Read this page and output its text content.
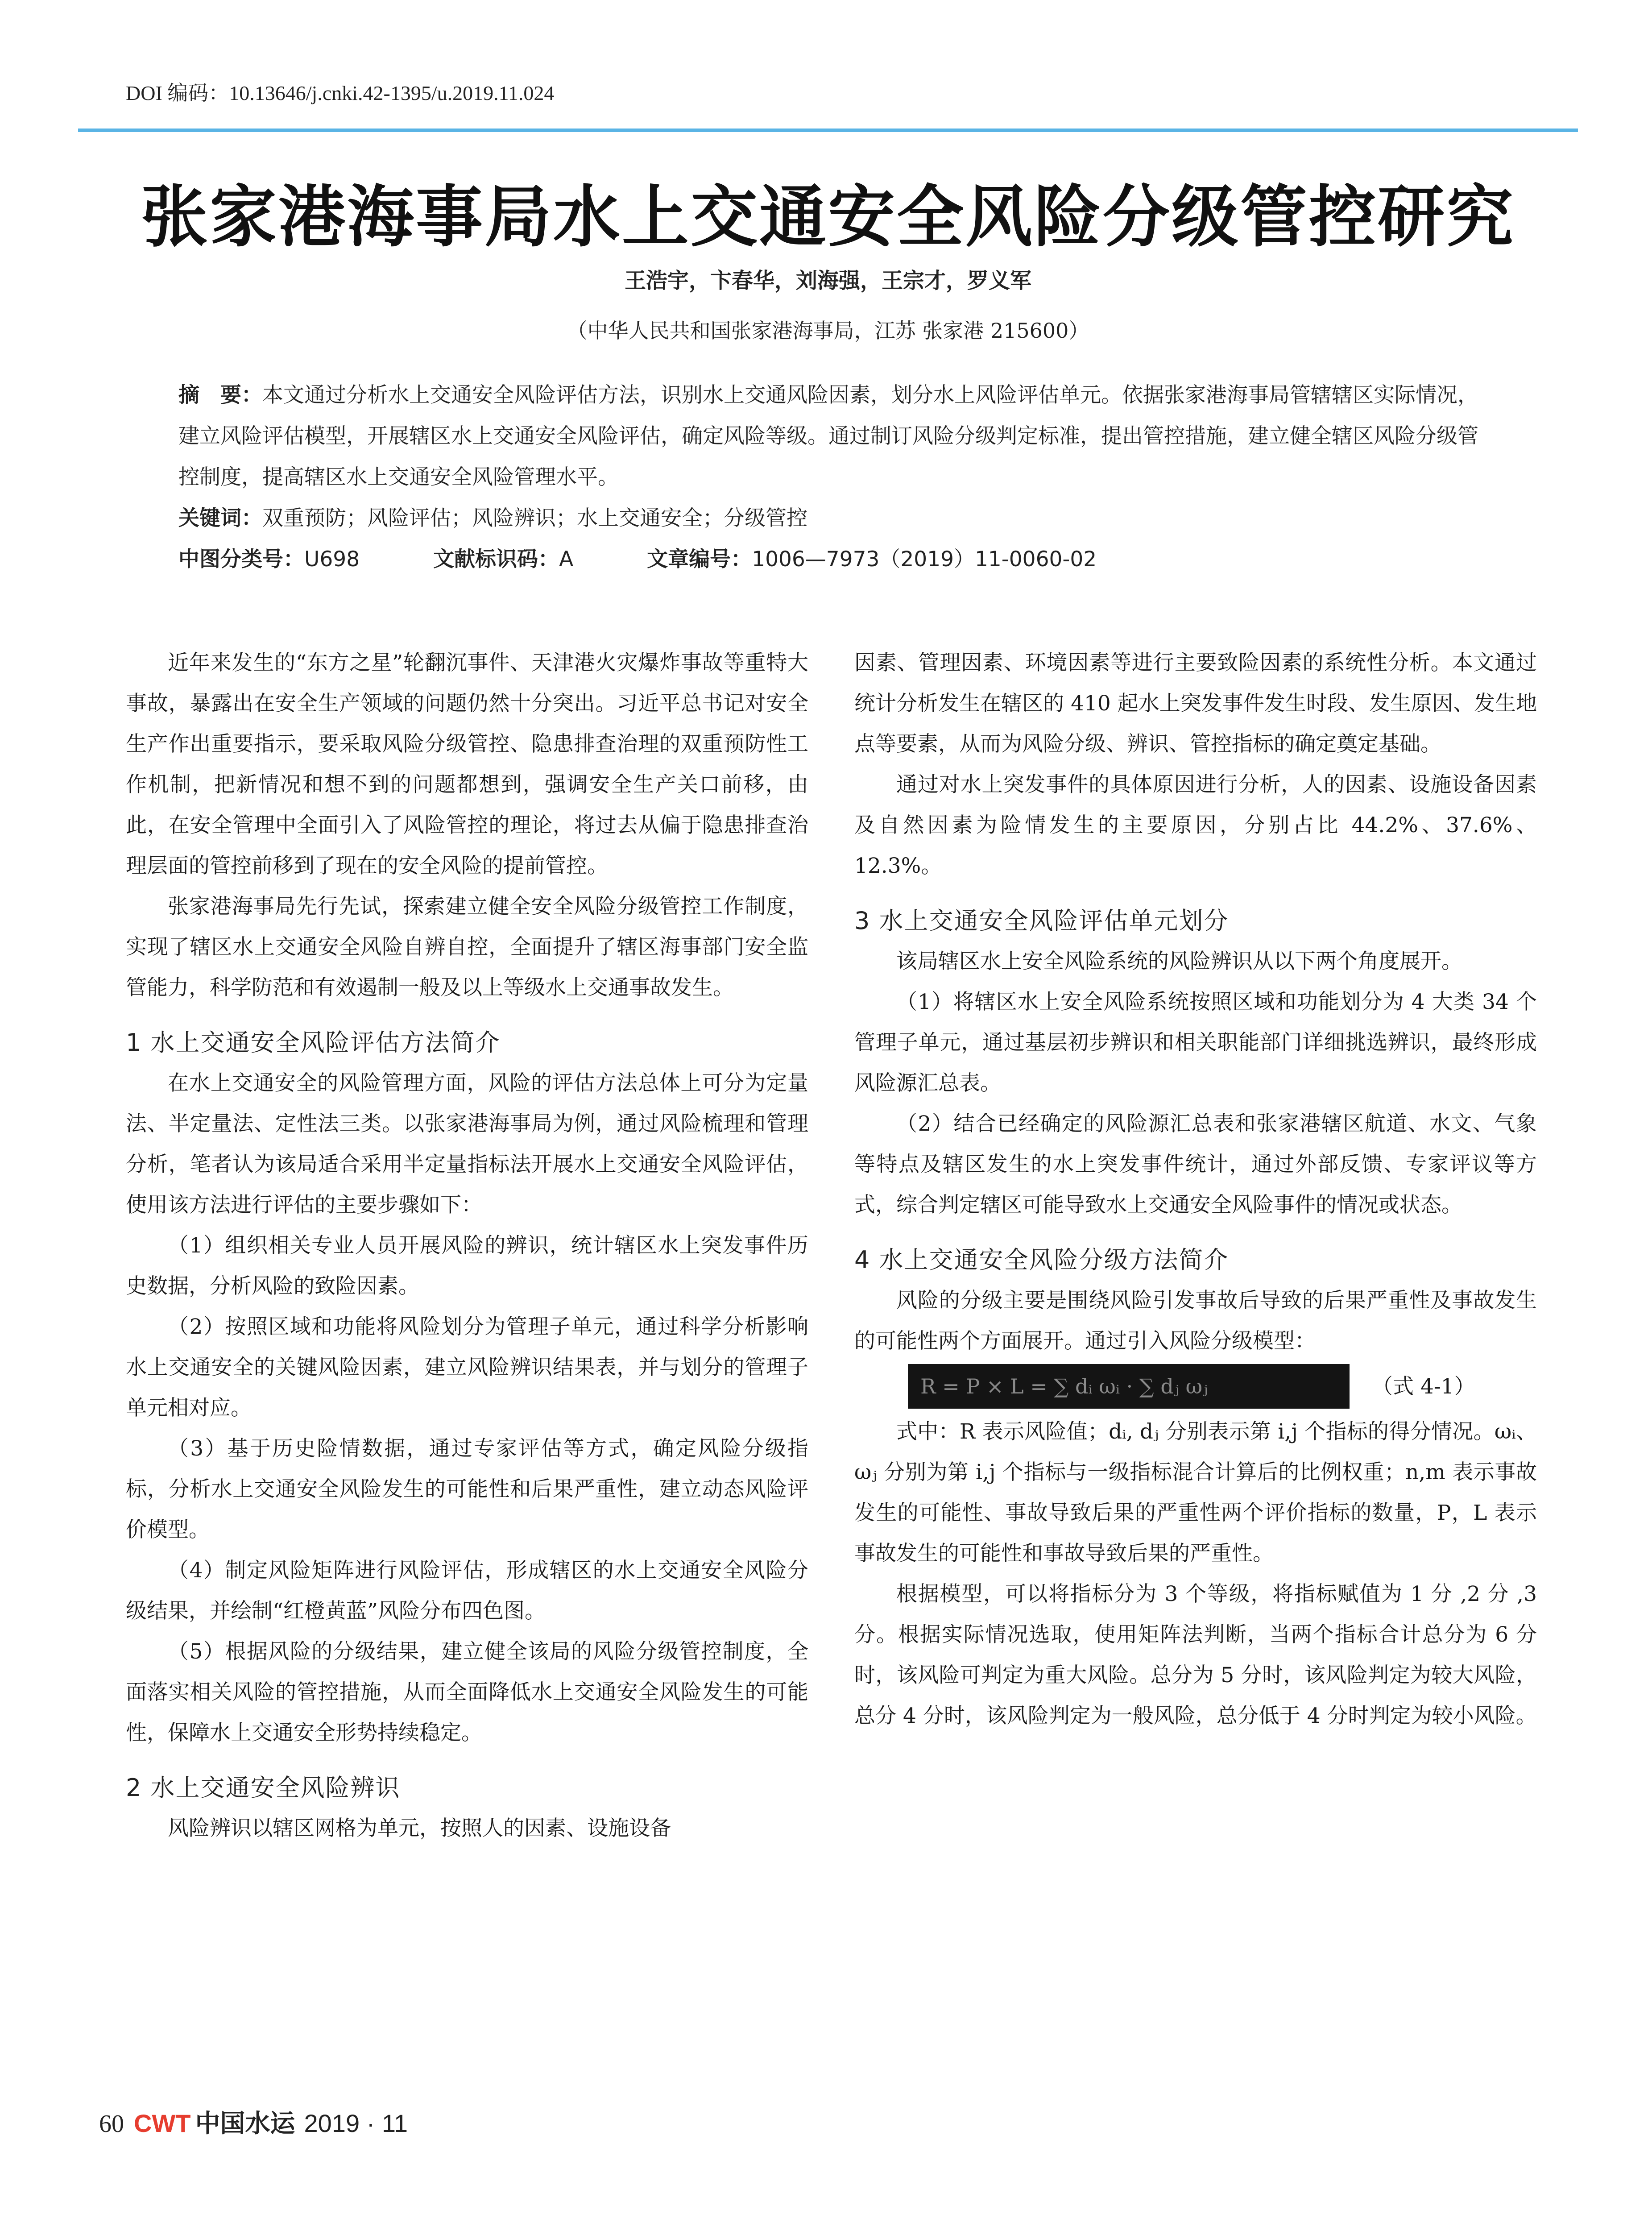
DOI 编码：10.13646/j.cnki.42-1395/u.2019.11.024
张家港海事局水上交通安全风险分级管控研究
王浩宇，卞春华，刘海强，王宗才，罗义军
（中华人民共和国张家港海事局，江苏 张家港 215600）

摘　要：本文通过分析水上交通安全风险评估方法，识别水上交通风险因素，划分水上风险评估单元。依据张家港海事局管辖辖区实际情况，建立风险评估模型，开展辖区水上交通安全风险评估，确定风险等级。通过制订风险分级判定标准，提出管控措施，建立健全辖区风险分级管控制度，提高辖区水上交通安全风险管理水平。

关键词：双重预防；风险评估；风险辨识；水上交通安全；分级管控

中图分类号：U698	文献标识码：A	文章编号：1006—7973（2019）11-0060-02

近年来发生的“东方之星”轮翻沉事件、天津港火灾爆炸事故等重特大事故，暴露出在安全生产领域的问题仍然十分突出。习近平总书记对安全生产作出重要指示，要采取风险分级管控、隐患排查治理的双重预防性工作机制，把新情况和想不到的问题都想到，强调安全生产关口前移，由此，在安全管理中全面引入了风险管控的理论，将过去从偏于隐患排查治理层面的管控前移到了现在的安全风险的提前管控。

张家港海事局先行先试，探索建立健全安全风险分级管控工作制度，实现了辖区水上交通安全风险自辨自控，全面提升了辖区海事部门安全监管能力，科学防范和有效遏制一般及以上等级水上交通事故发生。

1 水上交通安全风险评估方法简介

在水上交通安全的风险管理方面，风险的评估方法总体上可分为定量法、半定量法、定性法三类。以张家港海事局为例，通过风险梳理和管理分析，笔者认为该局适合采用半定量指标法开展水上交通安全风险评估，使用该方法进行评估的主要步骤如下：

（1）组织相关专业人员开展风险的辨识，统计辖区水上突发事件历史数据，分析风险的致险因素。

（2）按照区域和功能将风险划分为管理子单元，通过科学分析影响水上交通安全的关键风险因素，建立风险辨识结果表，并与划分的管理子单元相对应。

（3）基于历史险情数据，通过专家评估等方式，确定风险分级指标，分析水上交通安全风险发生的可能性和后果严重性，建立动态风险评价模型。

（4）制定风险矩阵进行风险评估，形成辖区的水上交通安全风险分级结果，并绘制“红橙黄蓝”风险分布四色图。

（5）根据风险的分级结果，建立健全该局的风险分级管控制度，全面落实相关风险的管控措施，从而全面降低水上交通安全风险发生的可能性，保障水上交通安全形势持续稳定。

2 水上交通安全风险辨识

风险辨识以辖区网格为单元，按照人的因素、设施设备

因素、管理因素、环境因素等进行主要致险因素的系统性分析。本文通过统计分析发生在辖区的 410 起水上突发事件发生时段、发生原因、发生地点等要素，从而为风险分级、辨识、管控指标的确定奠定基础。

通过对水上突发事件的具体原因进行分析，人的因素、设施设备因素及自然因素为险情发生的主要原因，分别占比 44.2%、37.6%、12.3%。

3 水上交通安全风险评估单元划分

该局辖区水上安全风险系统的风险辨识从以下两个角度展开。

（1）将辖区水上安全风险系统按照区域和功能划分为 4 大类 34 个管理子单元，通过基层初步辨识和相关职能部门详细挑选辨识，最终形成风险源汇总表。

（2）结合已经确定的风险源汇总表和张家港辖区航道、水文、气象等特点及辖区发生的水上突发事件统计，通过外部反馈、专家评议等方式，综合判定辖区可能导致水上交通安全风险事件的情况或状态。

4 水上交通安全风险分级方法简介

风险的分级主要是围绕风险引发事故后导致的后果严重性及事故发生的可能性两个方面展开。通过引入风险分级模型：

R = P × L = ∑ dᵢ ωᵢ · ∑ dⱼ ωⱼ	（式 4-1）

式中：R 表示风险值；dᵢ, dⱼ 分别表示第 i,j 个指标的得分情况。ωᵢ、ωⱼ 分别为第 i,j 个指标与一级指标混合计算后的比例权重；n,m 表示事故发生的可能性、事故导致后果的严重性两个评价指标的数量，P，L 表示事故发生的可能性和事故导致后果的严重性。

根据模型，可以将指标分为 3 个等级，将指标赋值为 1 分 ,2 分 ,3 分。根据实际情况选取，使用矩阵法判断，当两个指标合计总分为 6 分时，该风险可判定为重大风险。总分为 5 分时，该风险判定为较大风险，总分 4 分时，该风险判定为一般风险，总分低于 4 分时判定为较小风险。

60 CWT 中国水运 2019 · 11
